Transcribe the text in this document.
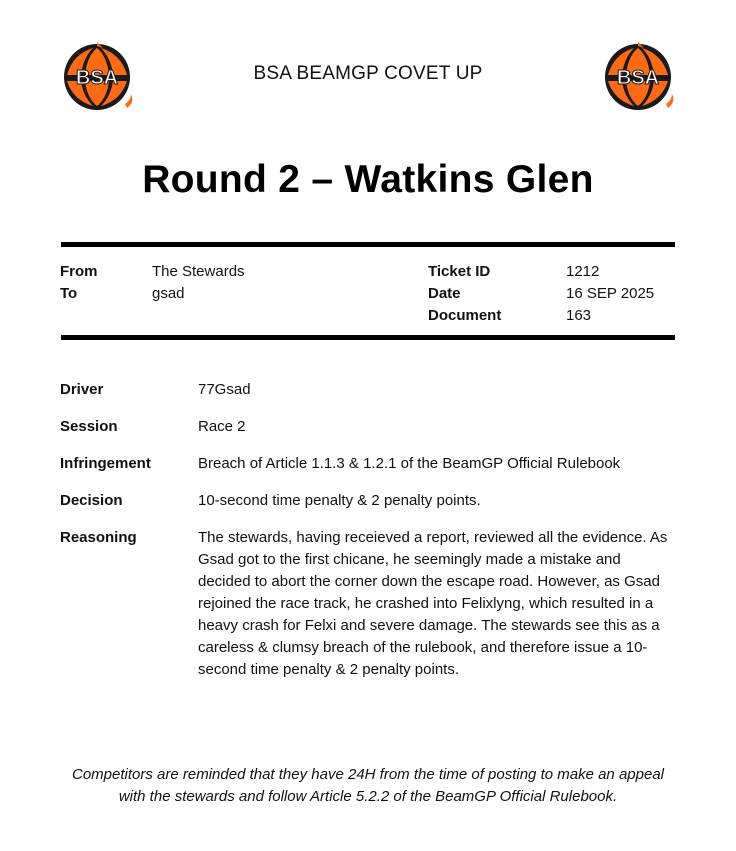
BSA	BSA BEAMGP COVET UP	BSA
Round 2 – Watkins Glen
From	The Stewards
To	gsad
Ticket ID	1212
Date	16 SEP 2025
Document	163
Driver	77Gsad
Session	Race 2
Infringement	Breach of Article 1.1.3 & 1.2.1 of the BeamGP Official Rulebook
Decision	10-second time penalty & 2 penalty points.
Reasoning	The stewards, having receieved a report, reviewed all the evidence. As Gsad got to the first chicane, he seemingly made a mistake and decided to abort the corner down the escape road. However, as Gsad rejoined the race track, he crashed into Felixlyng, which resulted in a heavy crash for Felxi and severe damage. The stewards see this as a careless & clumsy breach of the rulebook, and therefore issue a 10-second time penalty & 2 penalty points.
Competitors are reminded that they have 24H from the time of posting to make an appeal with the stewards and follow Article 5.2.2 of the BeamGP Official Rulebook.
